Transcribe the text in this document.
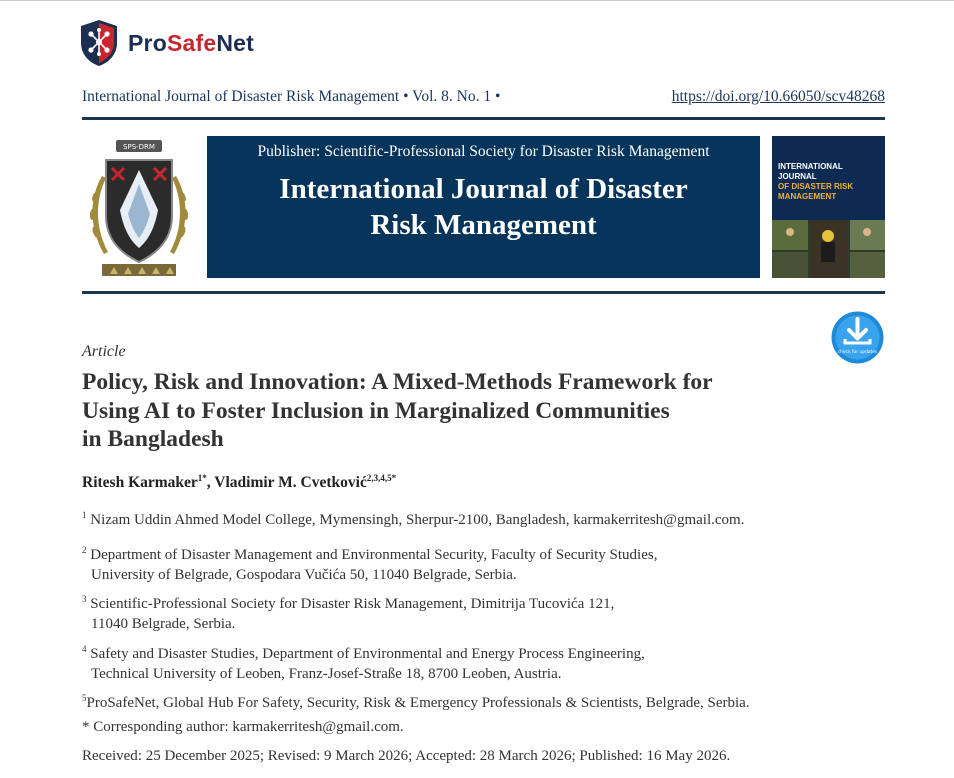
ProSafeNet
International Journal of Disaster Risk Management • Vol. 8. No. 1 •	https://doi.org/10.66050/scv48268
SPS-DRM	Publisher: Scientific-Professional Society for Disaster Risk Management
International Journal of Disaster
Risk Management
INTERNATIONAL JOURNAL
OF DISASTER RISK
MANAGEMENT
check for updates
Article
Policy, Risk and Innovation: A Mixed-Methods Framework for
Using AI to Foster Inclusion in Marginalized Communities
in Bangladesh
Ritesh Karmaker$^{1*}$, Vladimir M. Cvetković$^{2,3,4,5*}$
$^1$ Nizam Uddin Ahmed Model College, Mymensingh, Sherpur-2100, Bangladesh, karmakerritesh@gmail.com.
$^2$ Department of Disaster Management and Environmental Security, Faculty of Security Studies,
University of Belgrade, Gospodara Vučića 50, 11040 Belgrade, Serbia.
$^3$ Scientific-Professional Society for Disaster Risk Management, Dimitrija Tucovića 121,
11040 Belgrade, Serbia.
$^4$ Safety and Disaster Studies, Department of Environmental and Energy Process Engineering,
Technical University of Leoben, Franz-Josef-Straße 18, 8700 Leoben, Austria.
$^5$ProSafeNet, Global Hub For Safety, Security, Risk & Emergency Professionals & Scientists, Belgrade, Serbia.
* Corresponding author: karmakerritesh@gmail.com.
Received: 25 December 2025; Revised: 9 March 2026; Accepted: 28 March 2026; Published: 16 May 2026.
